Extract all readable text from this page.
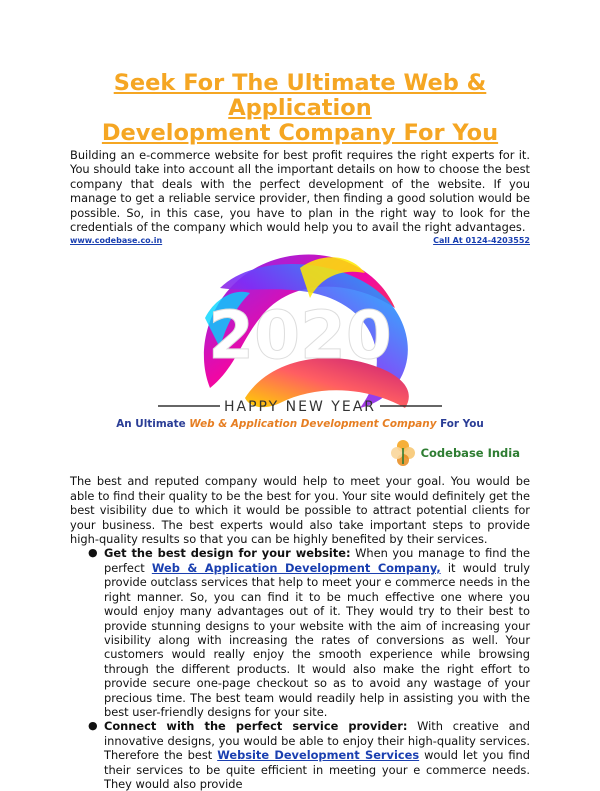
Seek For The Ultimate Web & Application
Development Company For You

Building an e-commerce website for best profit requires the right experts for it. You should take into account all the important details on how to choose the best company that deals with the perfect development of the website. If you manage to get a reliable service provider, then finding a good solution would be possible. So, in this case, you have to plan in the right way to look for the credentials of the company which would help you to avail the right advantages.

www.codebase.co.in	Call At 0124-4203552
2020
HAPPY NEW YEAR
An Ultimate Web & Application Development Company For You
Codebase India

The best and reputed company would help to meet your goal. You would be able to find their quality to be the best for you. Your site would definitely get the best visibility due to which it would be possible to attract potential clients for your business. The best experts would also take important steps to provide high-quality results so that you can be highly benefited by their services.

● Get the best design for your website: When you manage to find the perfect Web & Application Development Company, it would truly provide outclass services that help to meet your e commerce needs in the right manner. So, you can find it to be much effective one where you would enjoy many advantages out of it. They would try to their best to provide stunning designs to your website with the aim of increasing your visibility along with increasing the rates of conversions as well. Your customers would really enjoy the smooth experience while browsing through the different products. It would also make the right effort to provide secure one-page checkout so as to avoid any wastage of your precious time. The best team would readily help in assisting you with the best user-friendly designs for your site.
● Connect with the perfect service provider: With creative and innovative designs, you would be able to enjoy their high-quality services. Therefore the best Website Development Services would let you find their services to be quite efficient in meeting your e commerce needs. They would also provide
